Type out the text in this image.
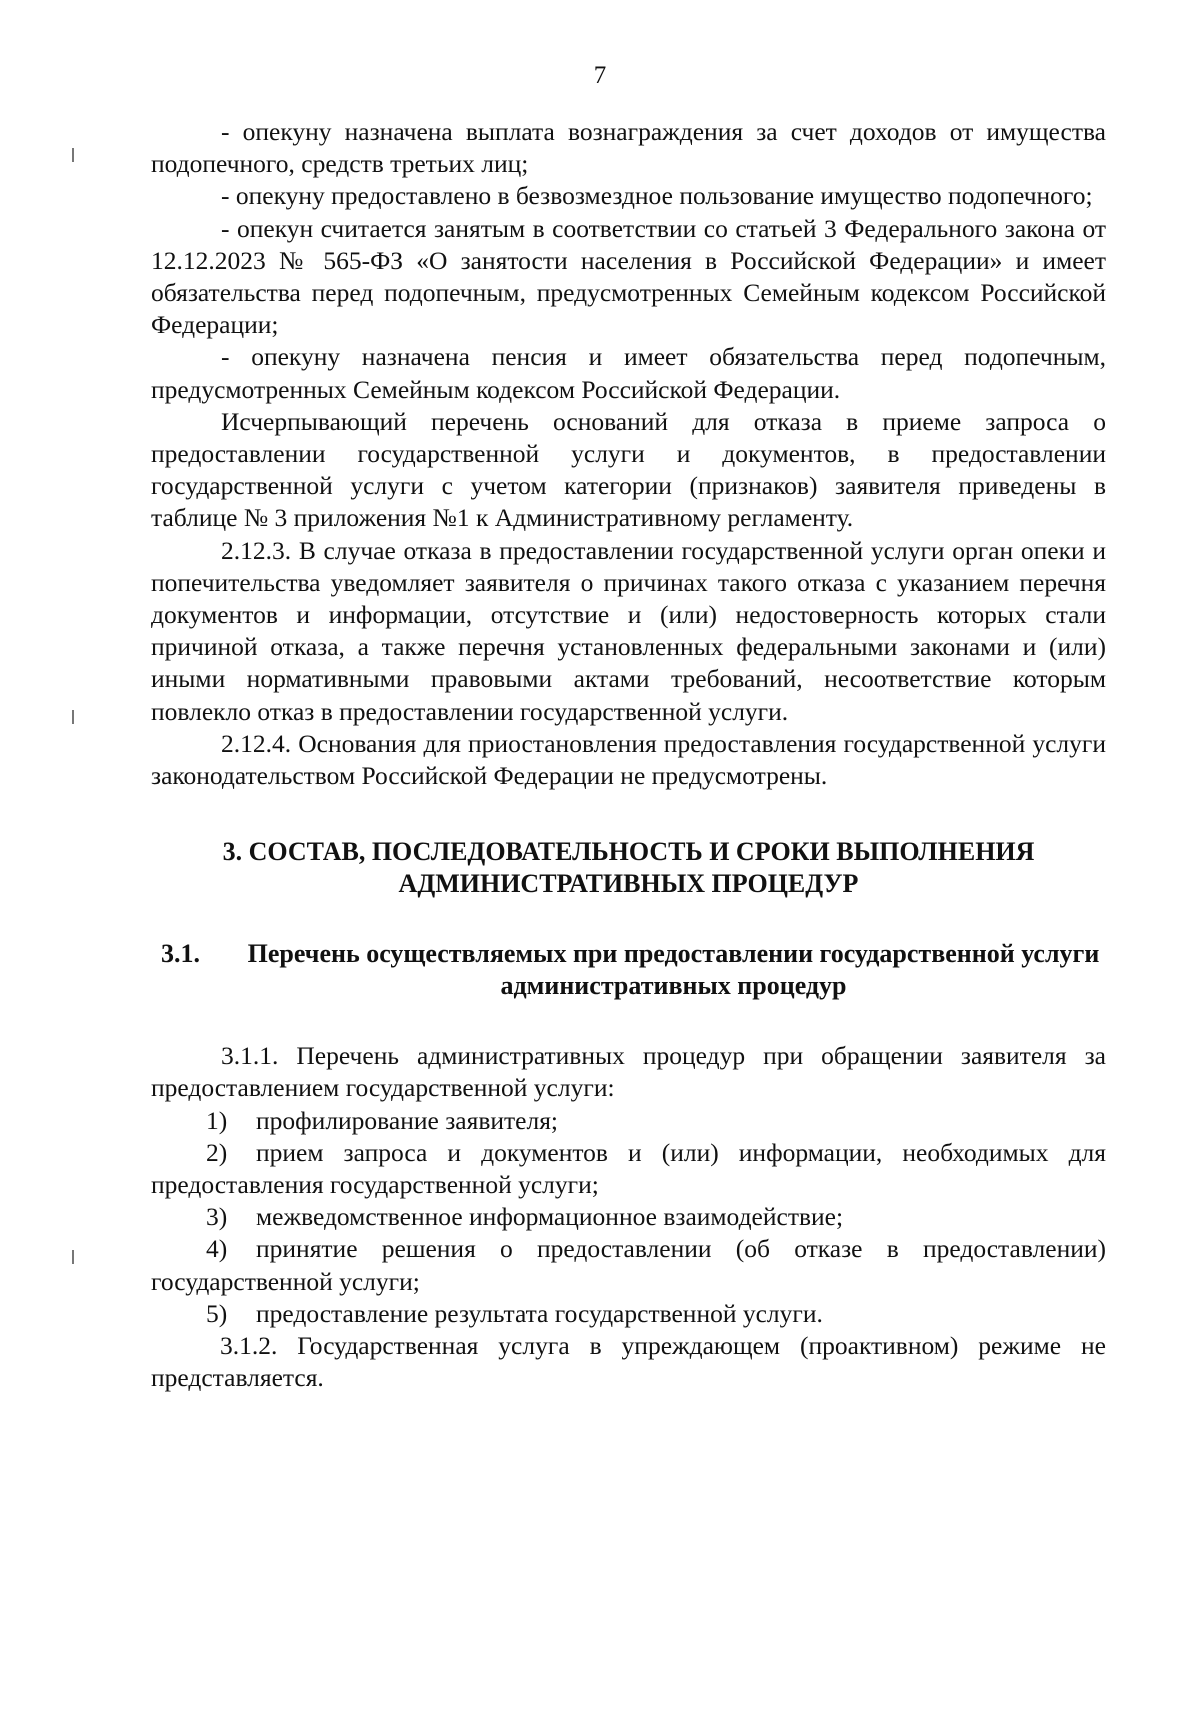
7

- опекуну назначена выплата вознаграждения за счет доходов от имущества подопечного, средств третьих лиц;

- опекуну предоставлено в безвозмездное пользование имущество подопечного;

- опекун считается занятым в соответствии со статьей 3 Федерального закона от 12.12.2023 № 565-ФЗ «О занятости населения в Российской Федерации» и имеет обязательства перед подопечным, предусмотренных Семейным кодексом Российской Федерации;

- опекуну назначена пенсия и имеет обязательства перед подопечным, предусмотренных Семейным кодексом Российской Федерации.

Исчерпывающий перечень оснований для отказа в приеме запроса о предоставлении государственной услуги и документов, в предоставлении государственной услуги с учетом категории (признаков) заявителя приведены в таблице № 3 приложения №1 к Административному регламенту.

2.12.3. В случае отказа в предоставлении государственной услуги орган опеки и попечительства уведомляет заявителя о причинах такого отказа с указанием перечня документов и информации, отсутствие и (или) недостоверность которых стали причиной отказа, а также перечня установленных федеральными законами и (или) иными нормативными правовыми актами требований, несоответствие которым повлекло отказ в предоставлении государственной услуги.

2.12.4. Основания для приостановления предоставления государственной услуги законодательством Российской Федерации не предусмотрены.

3. СОСТАВ, ПОСЛЕДОВАТЕЛЬНОСТЬ И СРОКИ ВЫПОЛНЕНИЯ
АДМИНИСТРАТИВНЫХ ПРОЦЕДУР
3.1.	Перечень осуществляемых при предоставлении государственной услуги административных процедур

3.1.1. Перечень административных процедур при обращении заявителя за предоставлением государственной услуги:

1) профилирование заявителя;

2) прием запроса и документов и (или) информации, необходимых для предоставления государственной услуги;

3) межведомственное информационное взаимодействие;

4) принятие решения о предоставлении (об отказе в предоставлении) государственной услуги;

5) предоставление результата государственной услуги.

3.1.2. Государственная услуга в упреждающем (проактивном) режиме не представляется.
